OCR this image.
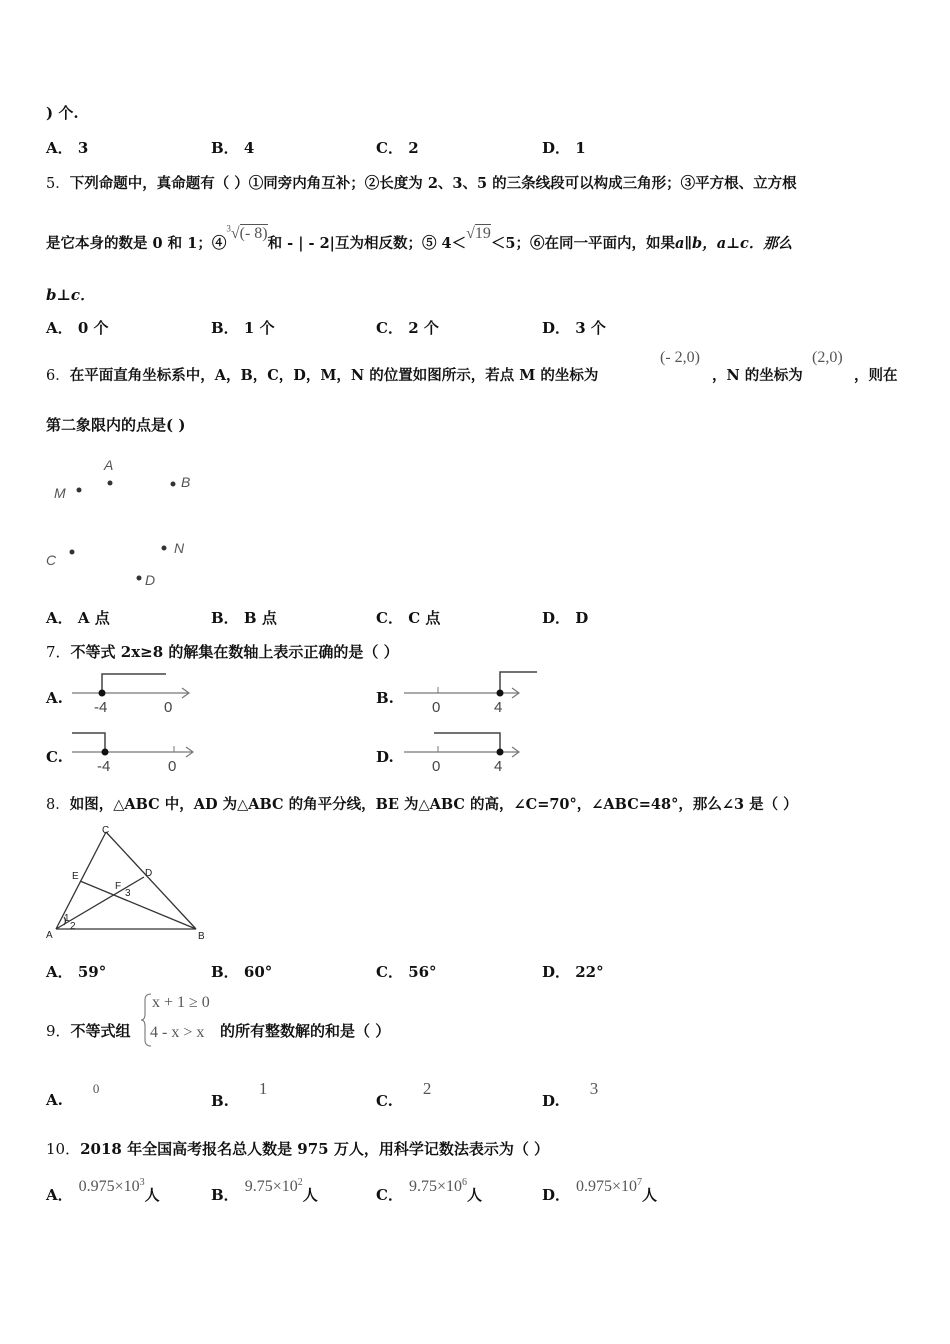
) 个.
A． 3	B． 4	C． 2	D． 1
5．下列命题中，真命题有（ ）①同旁内角互补；②长度为 2、3、5 的三条线段可以构成三角形；③平方根、立方根
是它本身的数是 0 和 1；④$^3$√(- 8)和 - | - 2|互为相反数；⑤ 4＜√19＜5；⑥在同一平面内，如果a∥b，a⊥c．那么
b⊥c．
A． 0 个	B． 1 个	C． 2 个	D． 3 个
6．在平面直角坐标系中，A，B，C，D，M，N 的位置如图所示，若点 M 的坐标为
(- 2,0)
，N 的坐标为
(2,0)
，则在
第二象限内的点是( )
M
A
B
C
N
D
A． A 点	B． B 点	C． C 点	D． D
7．不等式 2x≥8 的解集在数轴上表示正确的是（ ）
A.
-4	0
B.
0	4
C.
-4	0
D.
0	4
8．如图，△ABC 中，AD 为△ABC 的角平分线，BE 为△ABC 的高，∠C=70°，∠ABC=48°，那么∠3 是（ ）
C
E	D
F
3
1
2
A	B
A． 59°	B． 60°	C． 56°	D． 22°
9．不等式组
x + 1 ≥ 0
4 - x > x 的所有整数解的和是（ ）
A.0
B.1
C.2
D.3
10．2018 年全国高考报名总人数是 975 万人，用科学记数法表示为（ ）
A． $0.975\times 10^3$人	B． $9.75\times 10^2$人	C． $9.75\times 10^6$人	D． $0.975\times 10^7$人
